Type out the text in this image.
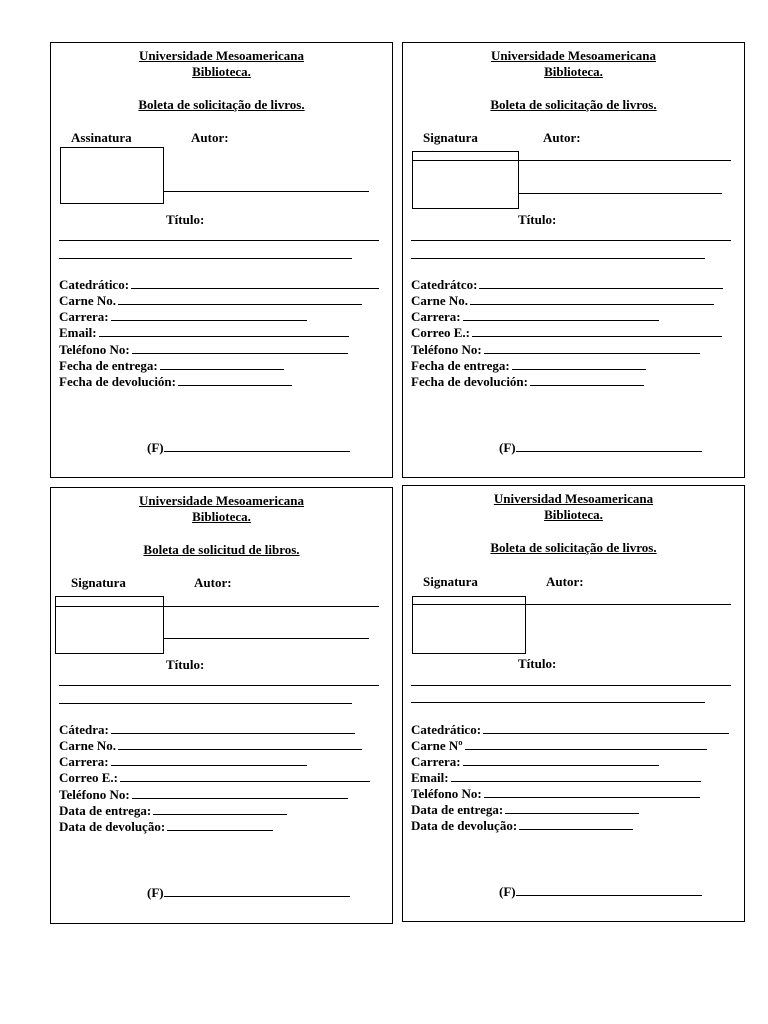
Universidade Mesoamericana
Biblioteca.
Boleta de solicitação de livros.
Assinatura	Autor:
Título:
Catedrático:
Carne No.
Carrera:
Email:
Teléfono No:
Fecha de entrega:
Fecha de devolución:
(F)
Universidade Mesoamericana
Biblioteca.
Boleta de solicitação de livros.
Signatura	Autor:
Título:
Catedrátco:
Carne No.
Carrera:
Correo E.:
Teléfono No:
Fecha de entrega:
Fecha de devolución:
(F)
Universidade Mesoamericana
Biblioteca.
Boleta de solicitud de libros.
Signatura	Autor:
Título:
Cátedra:
Carne No.
Carrera:
Correo E.:
Teléfono No:
Data de entrega:
Data de devolução:
(F)
Universidad Mesoamericana
Biblioteca.
Boleta de solicitação de livros.
Signatura	Autor:
Título:
Catedrático:
Carne Nº
Carrera:
Email:
Teléfono No:
Data de entrega:
Data de devolução:
(F)
